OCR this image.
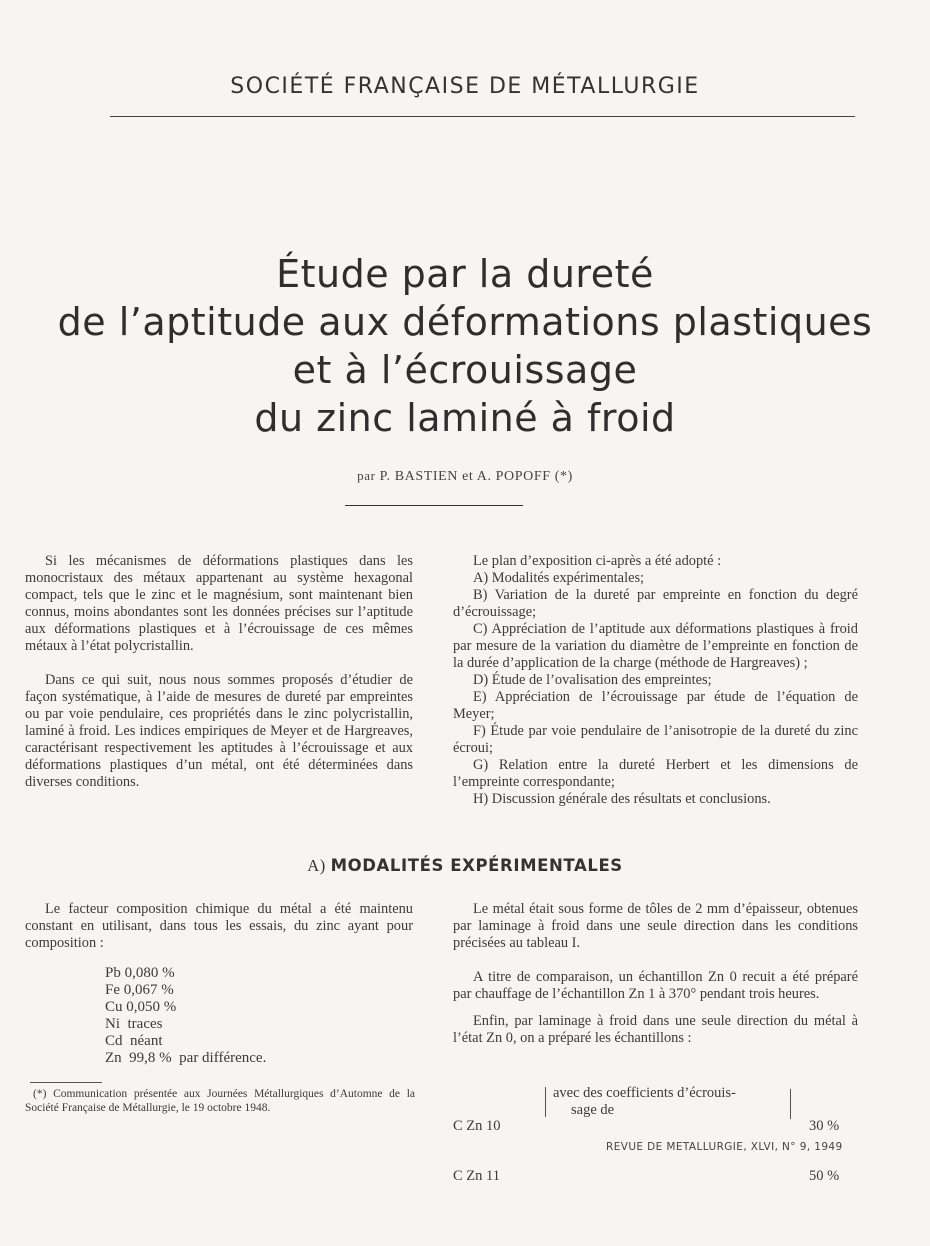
SOCIÉTÉ FRANÇAISE DE MÉTALLURGIE
Étude par la dureté
de l’aptitude aux déformations plastiques
et à l’écrouissage
du zinc laminé à froid
par P. BASTIEN et A. POPOFF (*)

Si les mécanismes de déformations plastiques dans les monocristaux des métaux appartenant au système hexagonal compact, tels que le zinc et le magnésium, sont maintenant bien connus, moins abondantes sont les données précises sur l’aptitude aux déformations plastiques et à l’écrouissage de ces mêmes métaux à l’état polycristallin.

Dans ce qui suit, nous nous sommes proposés d’étudier de façon systématique, à l’aide de mesures de dureté par empreintes ou par voie pendulaire, ces propriétés dans le zinc polycristallin, laminé à froid. Les indices empiriques de Meyer et de Hargreaves, caractérisant respectivement les aptitudes à l’écrouissage et aux déformations plastiques d’un métal, ont été déterminées dans diverses conditions.

Le plan d’exposition ci-après a été adopté :

A) Modalités expérimentales;
B) Variation de la dureté par empreinte en fonction du degré d’écrouissage;
C) Appréciation de l’aptitude aux déformations plastiques à froid par mesure de la variation du diamètre de l’empreinte en fonction de la durée d’application de la charge (méthode de Hargreaves) ;
D) Étude de l’ovalisation des empreintes;
E) Appréciation de l’écrouissage par étude de l’équation de Meyer;
F) Étude par voie pendulaire de l’anisotropie de la dureté du zinc écroui;
G) Relation entre la dureté Herbert et les dimensions de l’empreinte correspondante;
H) Discussion générale des résultats et conclusions.
A) MODALITÉS EXPÉRIMENTALES

Le facteur composition chimique du métal a été maintenu constant en utilisant, dans tous les essais, du zinc ayant pour composition :

Pb 0,080 %
Fe 0,067 %
Cu 0,050 %
Ni  traces
Cd  néant
Zn  99,8 %  par différence.

(*) Communication présentée aux Journées Métallurgiques d’Automne de la Société Française de Métallurgie, le 19 octobre 1948.

Le métal était sous forme de tôles de 2 mm d’épaisseur, obtenues par laminage à froid dans une seule direction dans les conditions précisées au tableau I.

A titre de comparaison, un échantillon Zn 0 recuit a été préparé par chauffage de l’échantillon Zn 1 à 370° pendant trois heures.

Enfin, par laminage à froid dans une seule direction du métal à l’état Zn 0, on a préparé les échantillons :

C Zn 10

C Zn 11

avec des coefficients d’écrouis-
sage de

30 %

50 %

REVUE DE METALLURGIE, XLVI, N° 9, 1949
